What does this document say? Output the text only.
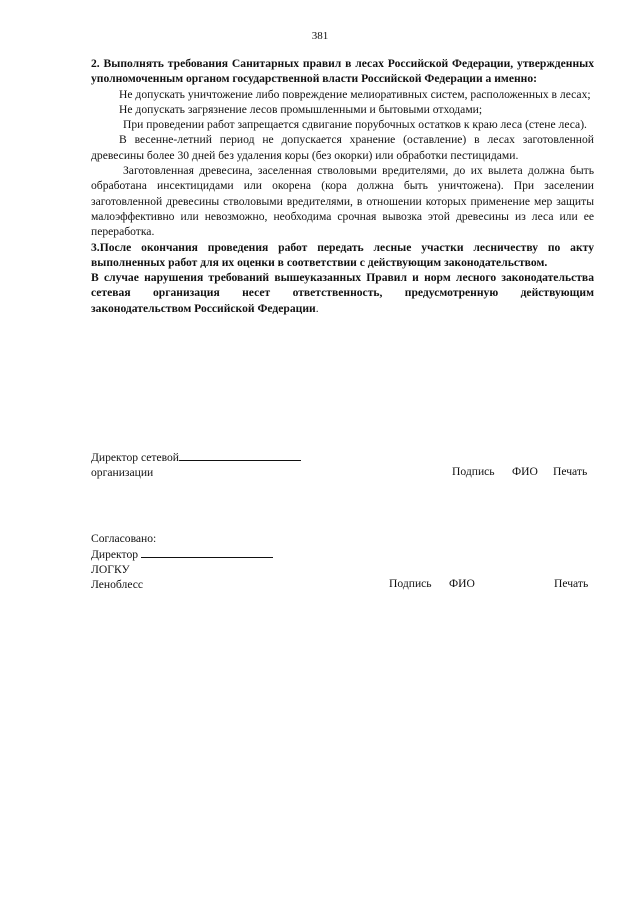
381

2. Выполнять требования Санитарных правил в лесах Российской Федерации, утвержденных уполномоченным органом государственной власти Российской Федерации а именно:

Не допускать уничтожение либо повреждение мелиоративных систем, расположенных в лесах;

Не допускать загрязнение лесов промышленными и бытовыми отходами;

При проведении работ запрещается сдвигание порубочных остатков к краю леса (стене леса).

В весенне-летний период не допускается хранение (оставление) в лесах заготовленной древесины более 30 дней без удаления коры (без окорки) или обработки пестицидами.

Заготовленная древесина, заселенная стволовыми вредителями, до их вылета должна быть обработана инсектицидами или окорена (кора должна быть уничтожена). При заселении заготовленной древесины стволовыми вредителями, в отношении которых применение мер защиты малоэффективно или невозможно, необходима срочная вывозка этой древесины из леса или ее переработка.

3.После окончания проведения работ передать лесные участки лесничеству по акту выполненных работ для их оценки в соответствии с действующим законодательством.

В случае нарушения требований вышеуказанных Правил и норм лесного законодательства сетевая организация несет ответственность, предусмотренную действующим законодательством Российской Федерации.

Директор сетевой
организации	Подпись ФИО Печать
Согласовано:
Директор
ЛОГКУ
Леноблесс	Подпись ФИО	Печать
